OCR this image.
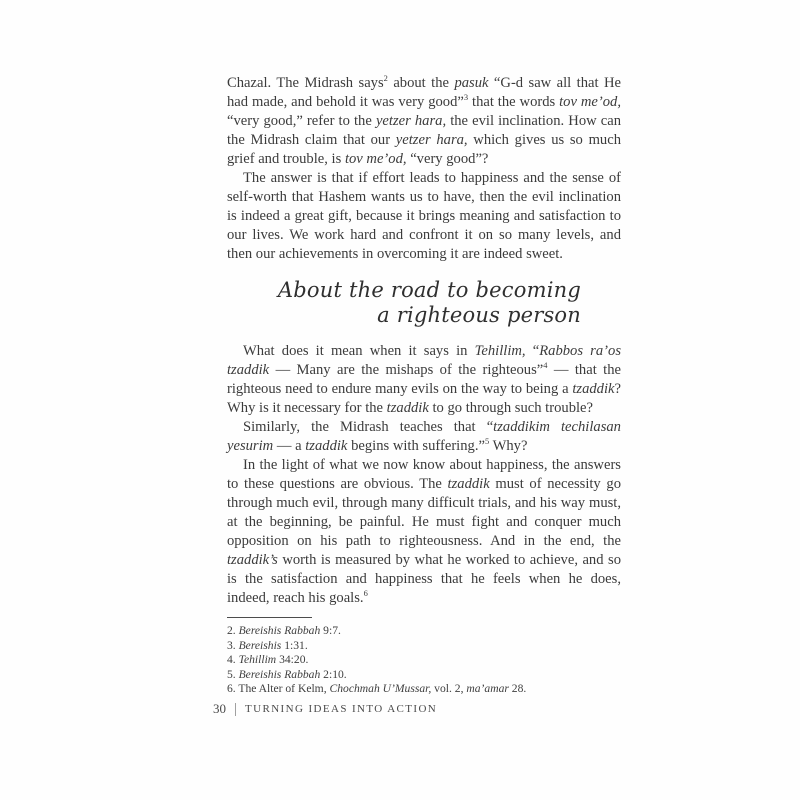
Chazal. The Midrash says$^2$ about the pasuk “G-d saw all that He had made, and behold it was very good”$^3$ that the words tov me’od, “very good,” refer to the yetzer hara, the evil inclination. How can the Midrash claim that our yetzer hara, which gives us so much grief and trouble, is tov me’od, “very good”?

The answer is that if effort leads to happiness and the sense of self-worth that Hashem wants us to have, then the evil inclination is indeed a great gift, because it brings meaning and satisfaction to our lives. We work hard and confront it on so many levels, and then our achievements in overcoming it are indeed sweet.

About the road to becoming
a righteous person

What does it mean when it says in Tehillim, “Rabbos ra’os tzaddik — Many are the mishaps of the righteous”$^4$ — that the righteous need to endure many evils on the way to being a tzaddik? Why is it necessary for the tzaddik to go through such trouble?

Similarly, the Midrash teaches that “tzaddikim techilasan yesurim — a tzaddik begins with suffering.”$^5$ Why?

In the light of what we now know about happiness, the answers to these questions are obvious. The tzaddik must of necessity go through much evil, through many difficult trials, and his way must, at the beginning, be painful. He must fight and conquer much opposition on his path to righteousness. And in the end, the tzaddik’s worth is measured by what he worked to achieve, and so is the satisfaction and happiness that he feels when he does, indeed, reach his goals.$^6$

2. Bereishis Rabbah 9:7.

3. Bereishis 1:31.

4. Tehillim 34:20.

5. Bereishis Rabbah 2:10.

6. The Alter of Kelm, Chochmah U’Mussar, vol. 2, ma’amar 28.

30 TURNING IDEAS INTO ACTION
